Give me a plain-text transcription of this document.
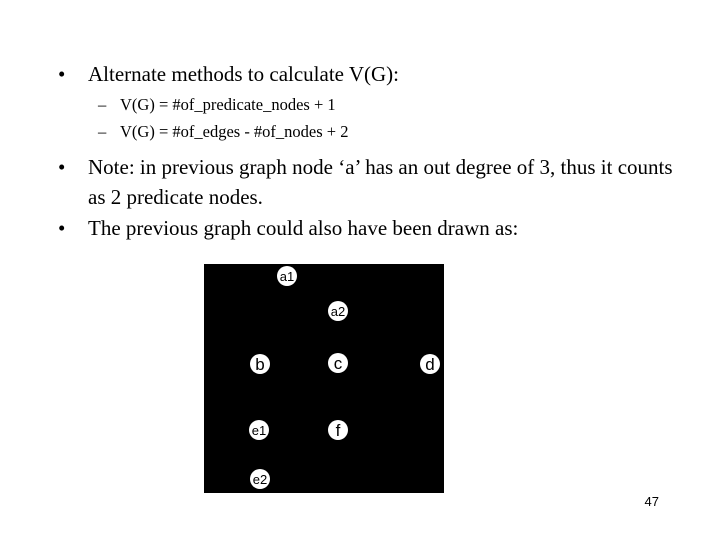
•	Alternate methods to calculate V(G):
– V(G) = #of_predicate_nodes + 1
– V(G) = #of_edges - #of_nodes + 2
•	Note: in previous graph node ‘a’ has an out degree of 3, thus it counts as 2 predicate nodes.
•	The previous graph could also have been drawn as:
a1
a2
b	c	d
e1	f
e2
47
